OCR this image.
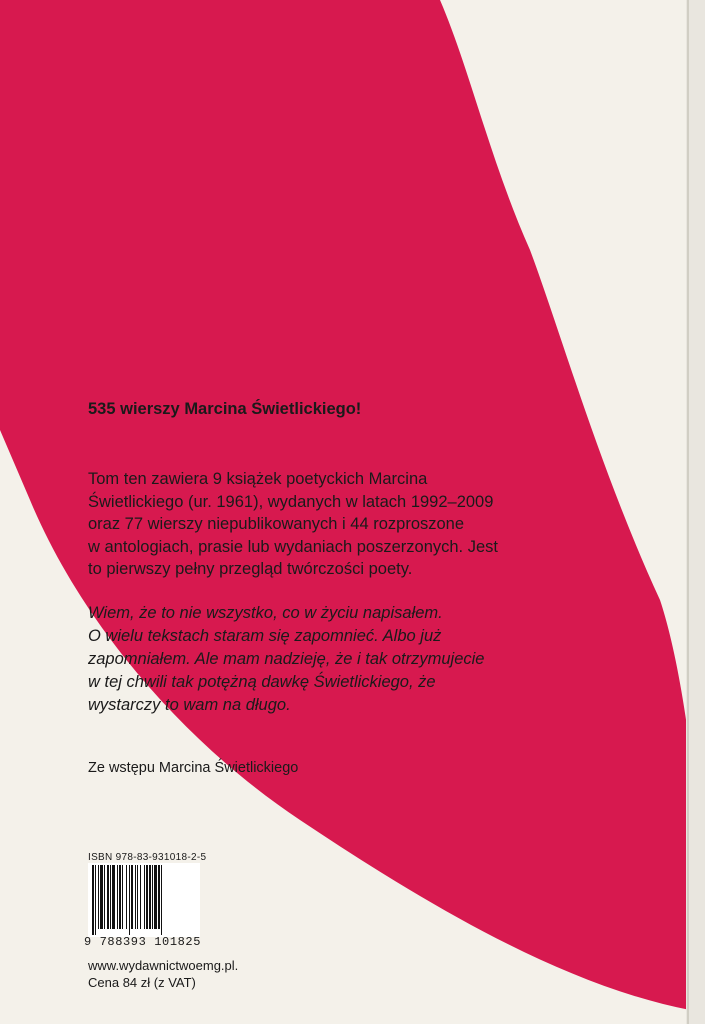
535 wierszy Marcina Świetlickiego!
Tom ten zawiera 9 książek poetyckich Marcina
Świetlickiego (ur. 1961), wydanych w latach 1992–2009
oraz 77 wierszy niepublikowanych i 44 rozproszone
w antologiach, prasie lub wydaniach poszerzonych. Jest
to pierwszy pełny przegląd twórczości poety.
Wiem, że to nie wszystko, co w życiu napisałem.
O wielu tekstach staram się zapomnieć. Albo już
zapomniałem. Ale mam nadzieję, że i tak otrzymujecie
w tej chwili tak potężną dawkę Świetlickiego, że
wystarczy to wam na długo.
Ze wstępu Marcina Świetlickiego
ISBN 978-83-931018-2-5
9 788393 101825
www.wydawnictwoemg.pl.
Cena 84 zł (z VAT)
